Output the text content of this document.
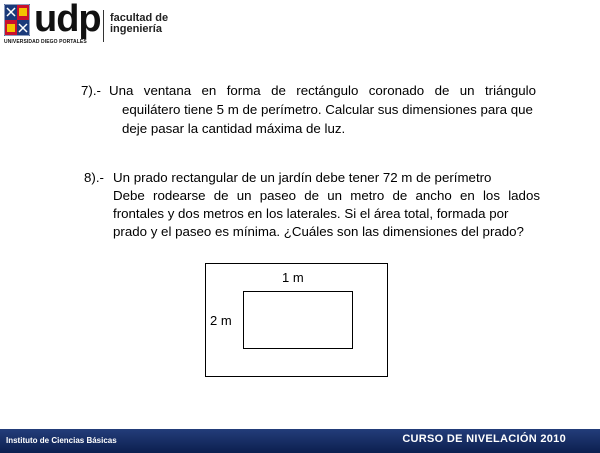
udp
UNIVERSIDAD DIEGO PORTALES
facultad de
ingeniería
7).- Una ventana en forma de rectángulo coronado de un triángulo
equilátero tiene 5 m de perímetro. Calcular sus dimensiones para que
deje pasar la cantidad máxima de luz.
8).- Un prado rectangular de un jardín debe tener 72 m de perímetro
Debe rodearse de un paseo de un metro de ancho en los lados
frontales y dos metros en los laterales. Si el área total, formada por
prado y el paseo es mínima. ¿Cuáles son las dimensiones del prado?
1 m
2 m
Instituto de Ciencias Básicas	CURSO DE NIVELACIÓN 2010
